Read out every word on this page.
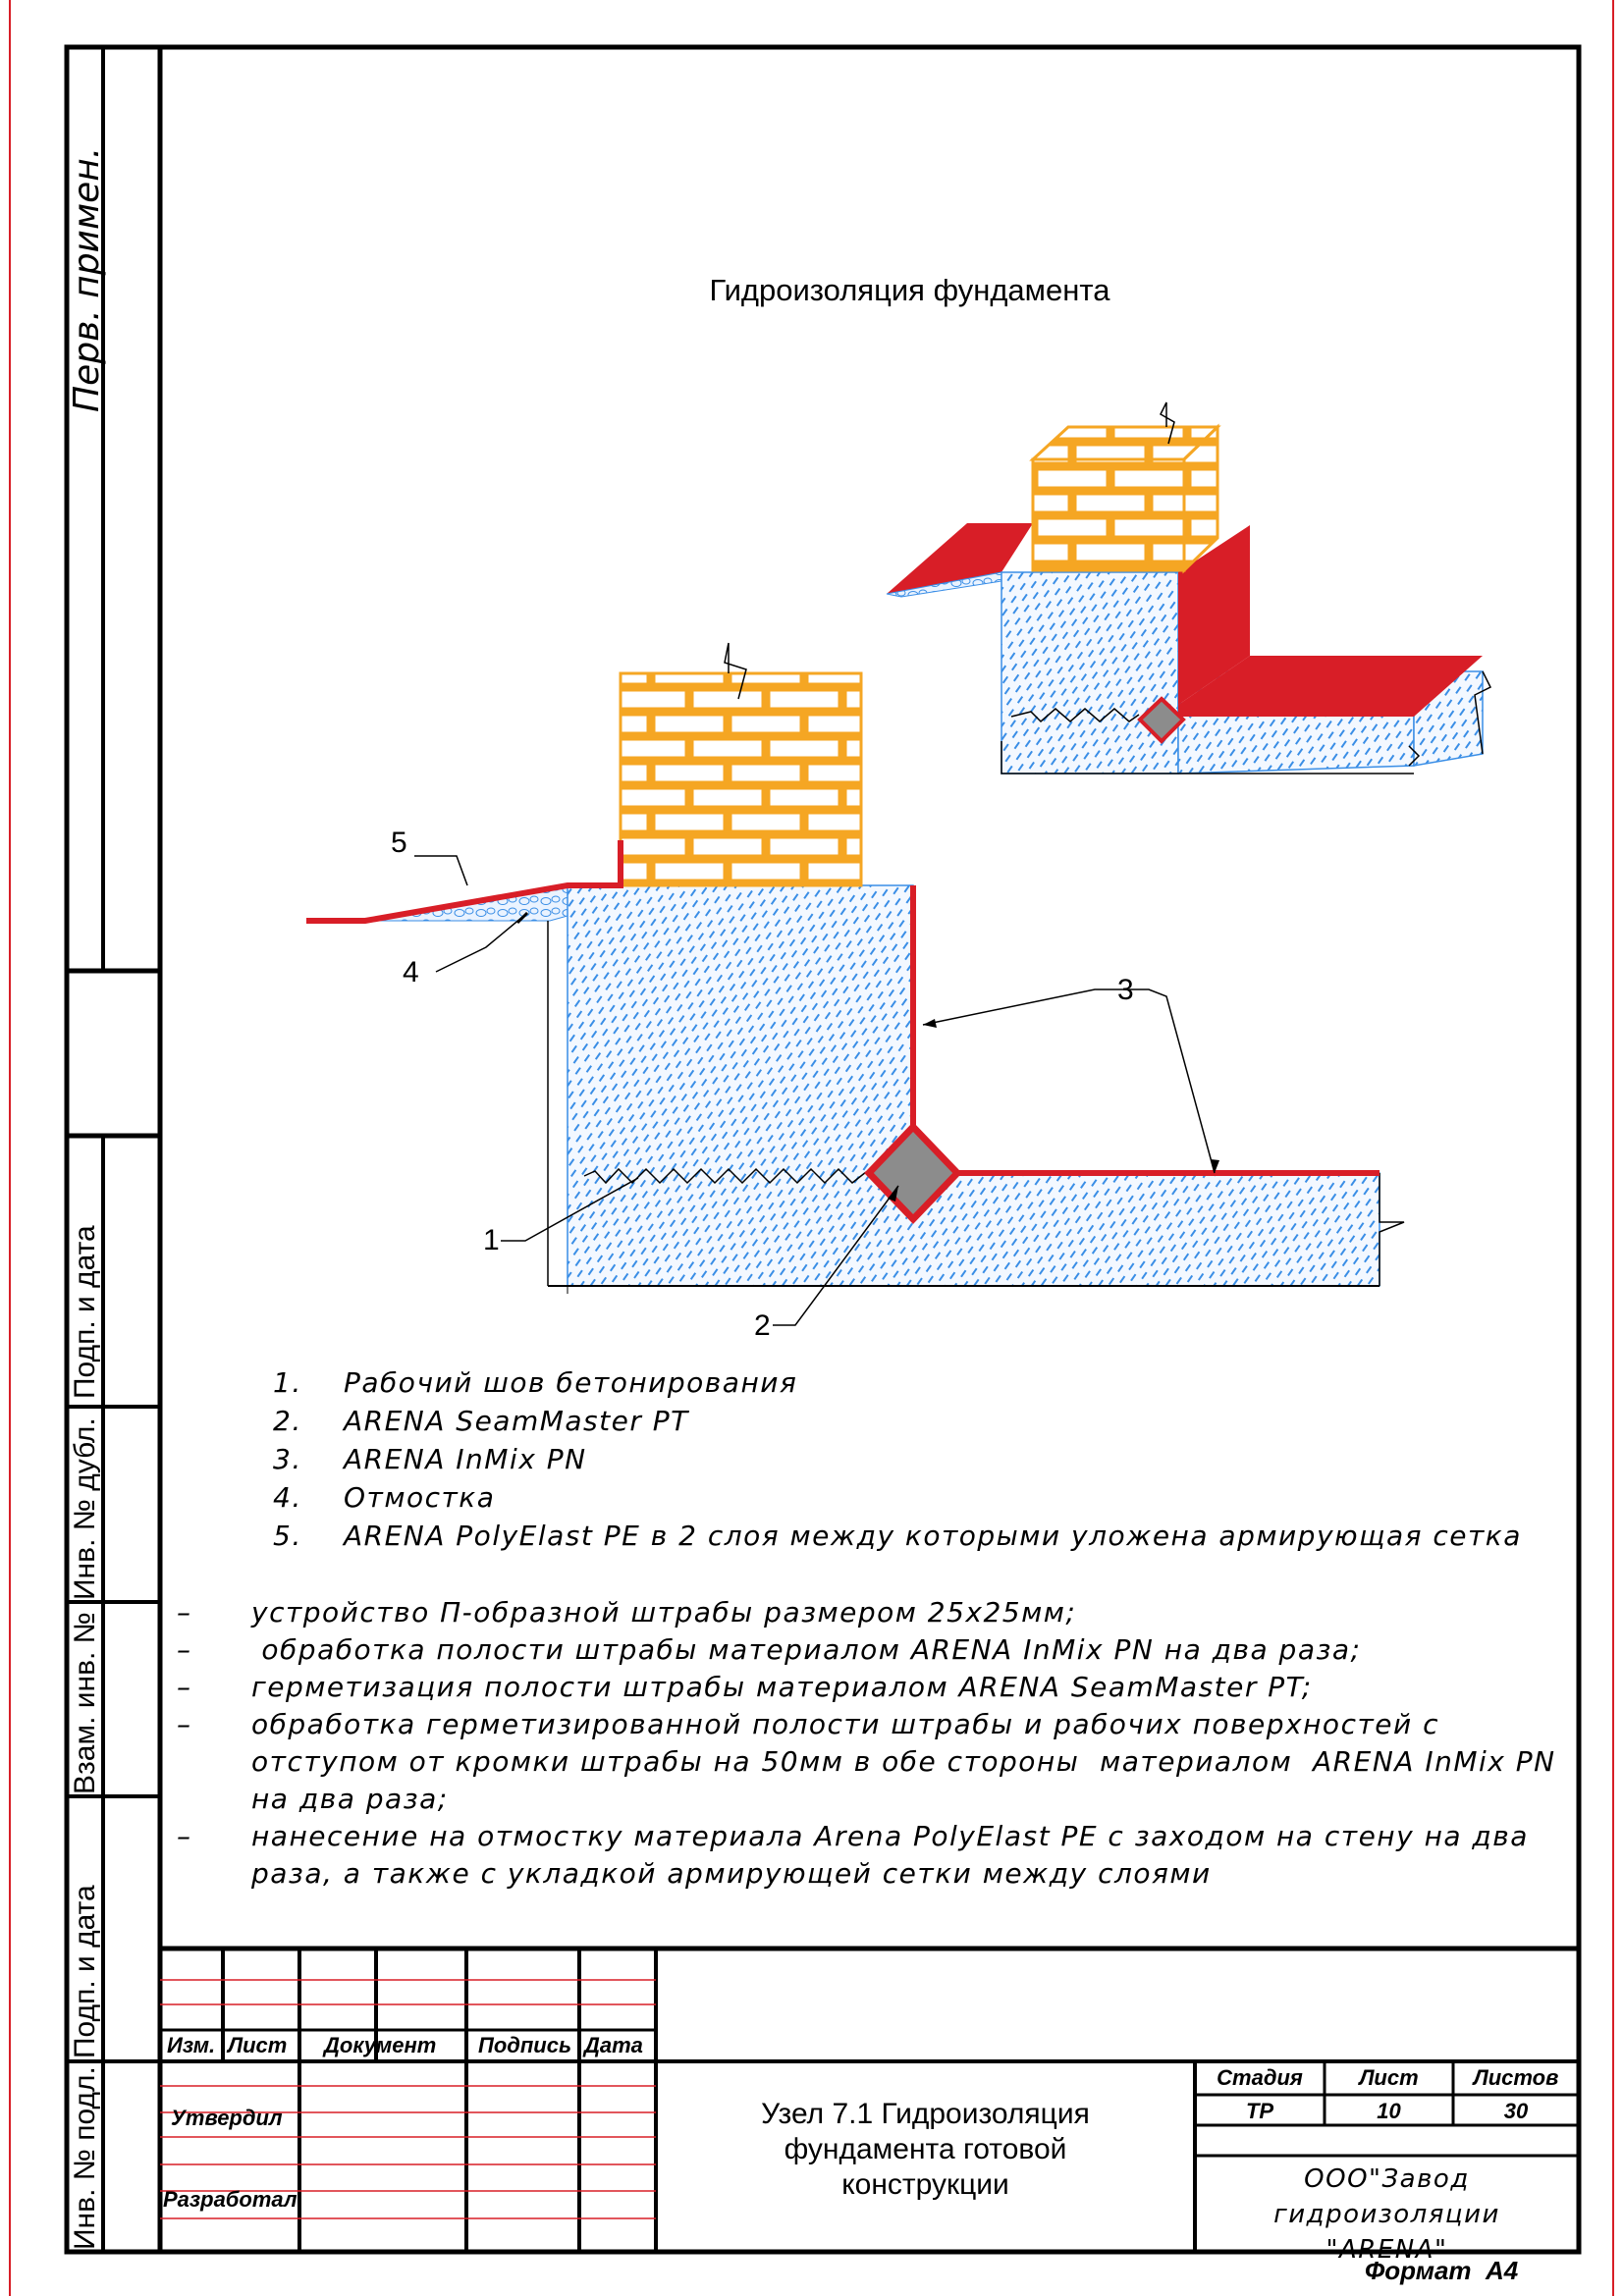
Гидроизоляция фундамента
5
4
3
1
2
1. Рабочий шов бетонирования
2. ARENA SeamMaster PT
3. ARENA InMix PN
4. Отмостка
5. ARENA PolyElast PE в 2 слоя между которыми уложена армирующая сетка
– устройство П-образной штрабы размером 25x25мм;
– обработка полости штрабы материалом ARENA InMix PN на два раза;
– герметизация полости штрабы материалом ARENA SeamMaster PT;
– обработка герметизированной полости штрабы и рабочих поверхностей с
отступом от кромки штрабы на 50мм в обе стороны  материалом  ARENA InMix PN
на два раза;
– нанесение на отмостку материала Arena PolyElast PE с заходом на стену на два
раза, а также с укладкой армирующей сетки между слоями
Перв. примен.
Подп. и дата
Инв. № дубл.
Взам. инв. №
Подп. и дата
Инв. № подл.
Изм. Лист Документ Подпись Дата
Утвердил
Разработал
Узел 7.1 Гидроизоляция
фундамента готовой
конструкции
Стадия	Лист	Листов
ТР	10	30
ООО"Завод гидроизоляции
"ARENA"
Формат  А4
